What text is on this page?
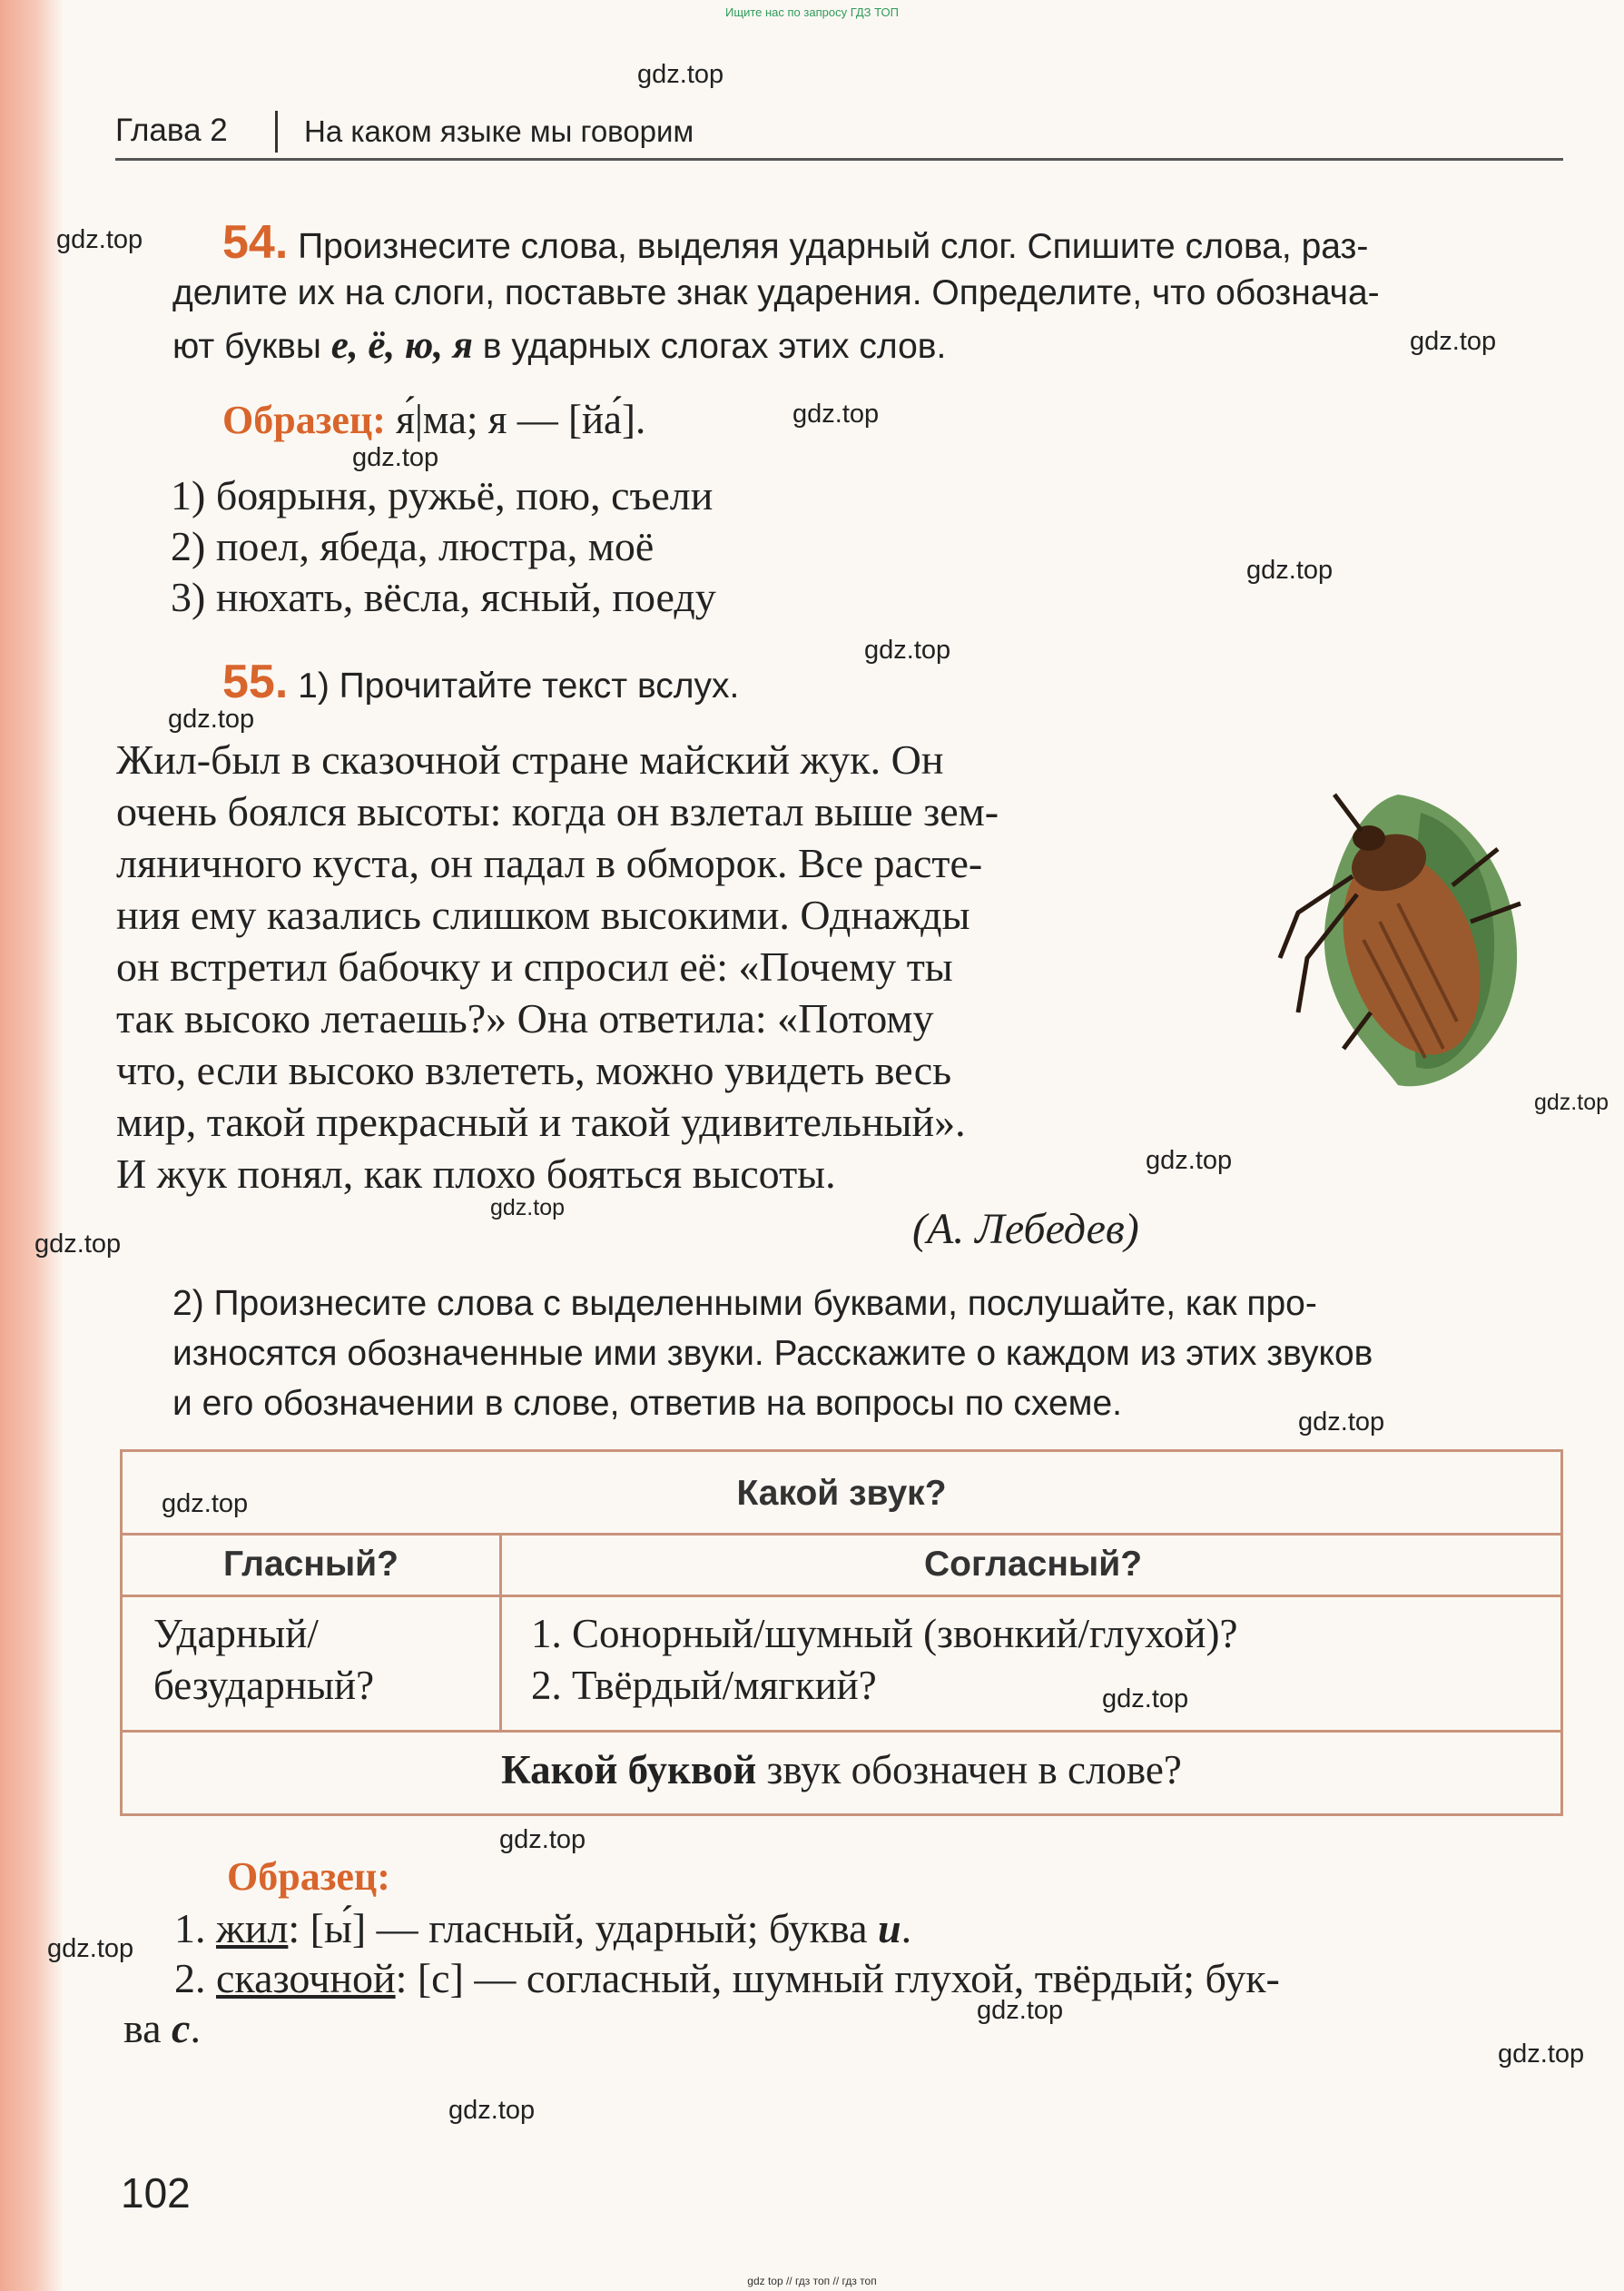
Ищите нас по запросу ГДЗ ТОП
gdz.top
gdz.top
gdz.top
gdz.top
gdz.top
gdz.top
gdz.top
gdz.top
gdz.top
gdz.top
gdz.top
gdz.top
gdz.top
gdz.top
gdz.top
gdz.top
gdz.top
gdz.top
gdz.top
gdz.top
Глава 2	На каком языке мы говорим
54. Произнесите слова, выделяя ударный слог. Спишите слова, раз-
делите их на слоги, поставьте знак ударения. Определите, что обознача-
ют буквы е, ё, ю, я в ударных слогах этих слов.
Образец: я́|ма; я — [йа́].
1) боярыня, ружьё, пою, съели
2) поел, ябеда, люстра, моё
3) нюхать, вёсла, ясный, поеду
55. 1) Прочитайте текст вслух.
Жил-был в сказочной стране майский жук. Он
очень боялся высоты: когда он взлетал выше зем-
ляничного куста, он падал в обморок. Все расте-
ния ему казались слишком высокими. Однажды
он встретил бабочку и спросил её: «Почему ты
так высоко летаешь?» Она ответила: «Потому
что, если высоко взлететь, можно увидеть весь
мир, такой прекрасный и такой удивительный».
И жук понял, как плохо бояться высоты.
(А. Лебедев)
2) Произнесите слова с выделенными буквами, послушайте, как про-
износятся обозначенные ими звуки. Расскажите о каждом из этих звуков
и его обозначении в слове, ответив на вопросы по схеме.
Какой звук?
Гласный?	Согласный?
Ударный/
безударный?
1. Сонорный/шумный (звонкий/глухой)?
2. Твёрдый/мягкий?
Какой буквой звук обозначен в слове?
Образец:
1. жил: [ы́] — гласный, ударный; буква и.
2. сказочной: [с] — согласный, шумный глухой, твёрдый; бук-
ва с.
102
gdz top // гдз топ // гдз топ
